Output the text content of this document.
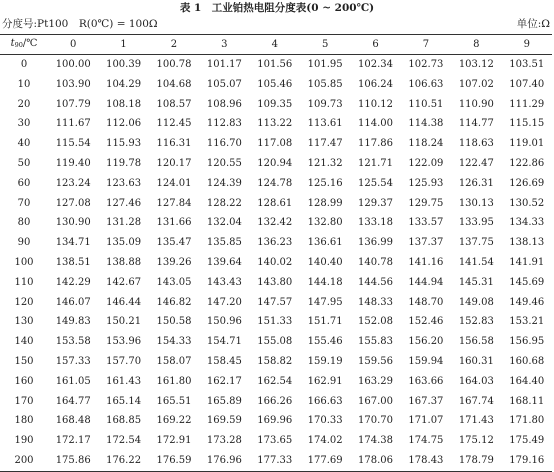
表 1　工业铂热电阻分度表(0 ~ 200℃)
分度号:Pt100　R(0℃) = 100Ω	单位:Ω
t90/℃	0	1	2	3	4	5	6	7	8	9
0	100.00	100.39	100.78	101.17	101.56	101.95	102.34	102.73	103.12	103.51
10	103.90	104.29	104.68	105.07	105.46	105.85	106.24	106.63	107.02	107.40
20	107.79	108.18	108.57	108.96	109.35	109.73	110.12	110.51	110.90	111.29
30	111.67	112.06	112.45	112.83	113.22	113.61	114.00	114.38	114.77	115.15
40	115.54	115.93	116.31	116.70	117.08	117.47	117.86	118.24	118.63	119.01
50	119.40	119.78	120.17	120.55	120.94	121.32	121.71	122.09	122.47	122.86
60	123.24	123.63	124.01	124.39	124.78	125.16	125.54	125.93	126.31	126.69
70	127.08	127.46	127.84	128.22	128.61	128.99	129.37	129.75	130.13	130.52
80	130.90	131.28	131.66	132.04	132.42	132.80	133.18	133.57	133.95	134.33
90	134.71	135.09	135.47	135.85	136.23	136.61	136.99	137.37	137.75	138.13
100	138.51	138.88	139.26	139.64	140.02	140.40	140.78	141.16	141.54	141.91
110	142.29	142.67	143.05	143.43	143.80	144.18	144.56	144.94	145.31	145.69
120	146.07	146.44	146.82	147.20	147.57	147.95	148.33	148.70	149.08	149.46
130	149.83	150.21	150.58	150.96	151.33	151.71	152.08	152.46	152.83	153.21
140	153.58	153.96	154.33	154.71	155.08	155.46	155.83	156.20	156.58	156.95
150	157.33	157.70	158.07	158.45	158.82	159.19	159.56	159.94	160.31	160.68
160	161.05	161.43	161.80	162.17	162.54	162.91	163.29	163.66	164.03	164.40
170	164.77	165.14	165.51	165.89	166.26	166.63	167.00	167.37	167.74	168.11
180	168.48	168.85	169.22	169.59	169.96	170.33	170.70	171.07	171.43	171.80
190	172.17	172.54	172.91	173.28	173.65	174.02	174.38	174.75	175.12	175.49
200	175.86	176.22	176.59	176.96	177.33	177.69	178.06	178.43	178.79	179.16
